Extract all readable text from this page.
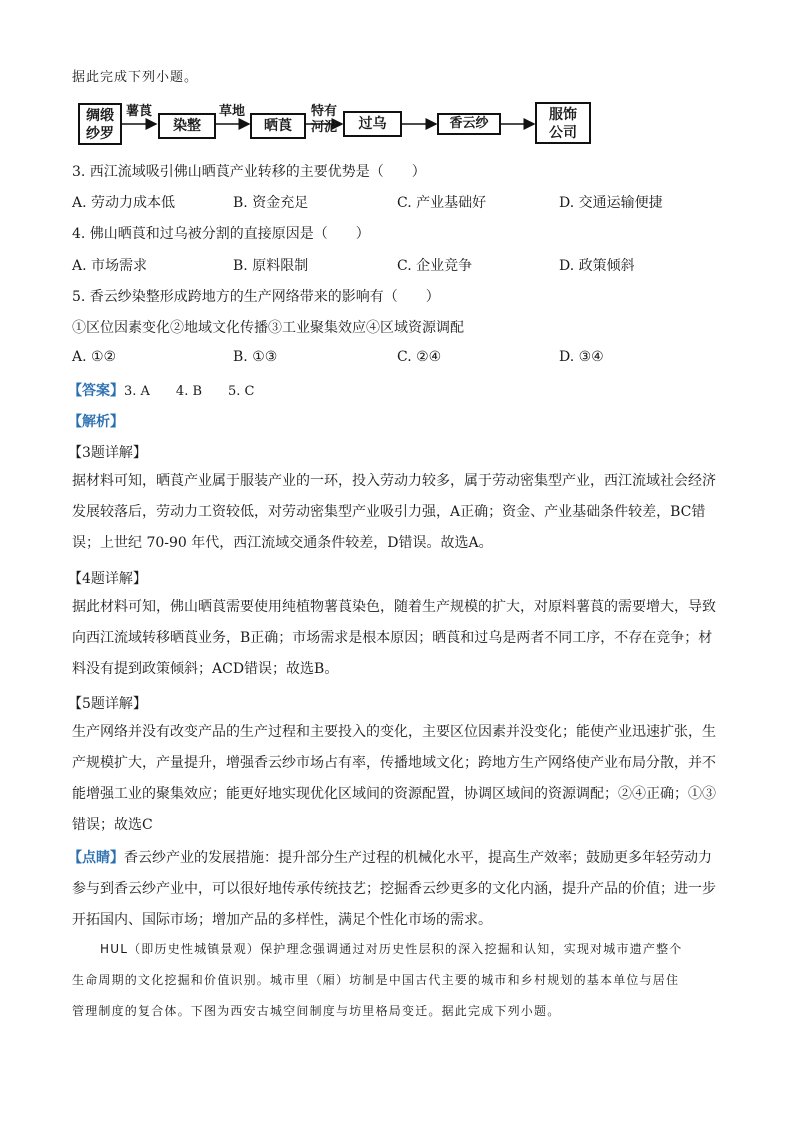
据此完成下列小题。
绸缎
纱罗	染整	晒莨	过乌	香云纱
服饰
公司
薯莨	草地	特有
河泥
3. 西江流域吸引佛山晒莨产业转移的主要优势是（　　）
A. 劳动力成本低	B. 资金充足	C. 产业基础好	D. 交通运输便捷
4. 佛山晒莨和过乌被分割的直接原因是（　　）
A. 市场需求	B. 原料限制	C. 企业竞争	D. 政策倾斜
5. 香云纱染整形成跨地方的生产网络带来的影响有（　　）
①区位因素变化②地域文化传播③工业聚集效应④区域资源调配
A. ①②	B. ①③	C. ②④	D. ③④
【答案】3. A　　4. B　　5. C
【解析】
【3题详解】
据材料可知，晒莨产业属于服装产业的一环，投入劳动力较多，属于劳动密集型产业，西江流域社会经济
发展较落后，劳动力工资较低，对劳动密集型产业吸引力强，A正确；资金、产业基础条件较差，BC错
误；上世纪 70-90 年代，西江流域交通条件较差，D错误。故选A。
【4题详解】
据此材料可知，佛山晒莨需要使用纯植物薯莨染色，随着生产规模的扩大，对原料薯莨的需要增大，导致
向西江流域转移晒莨业务，B正确；市场需求是根本原因；晒莨和过乌是两者不同工序，不存在竞争；材
料没有提到政策倾斜；ACD错误；故选B。
【5题详解】
生产网络并没有改变产品的生产过程和主要投入的变化，主要区位因素并没变化；能使产业迅速扩张，生
产规模扩大，产量提升，增强香云纱市场占有率，传播地域文化；跨地方生产网络使产业布局分散，并不
能增强工业的聚集效应；能更好地实现优化区域间的资源配置，协调区域间的资源调配；②④正确；①③
错误；故选C
【点睛】香云纱产业的发展措施：提升部分生产过程的机械化水平，提高生产效率；鼓励更多年轻劳动力
参与到香云纱产业中，可以很好地传承传统技艺；挖掘香云纱更多的文化内涵，提升产品的价值；进一步
开拓国内、国际市场；增加产品的多样性，满足个性化市场的需求。
HUL（即历史性城镇景观）保护理念强调通过对历史性层积的深入挖掘和认知，实现对城市遗产整个
生命周期的文化挖掘和价值识别。城市里（厢）坊制是中国古代主要的城市和乡村规划的基本单位与居住
管理制度的复合体。下图为西安古城空间制度与坊里格局变迁。据此完成下列小题。
